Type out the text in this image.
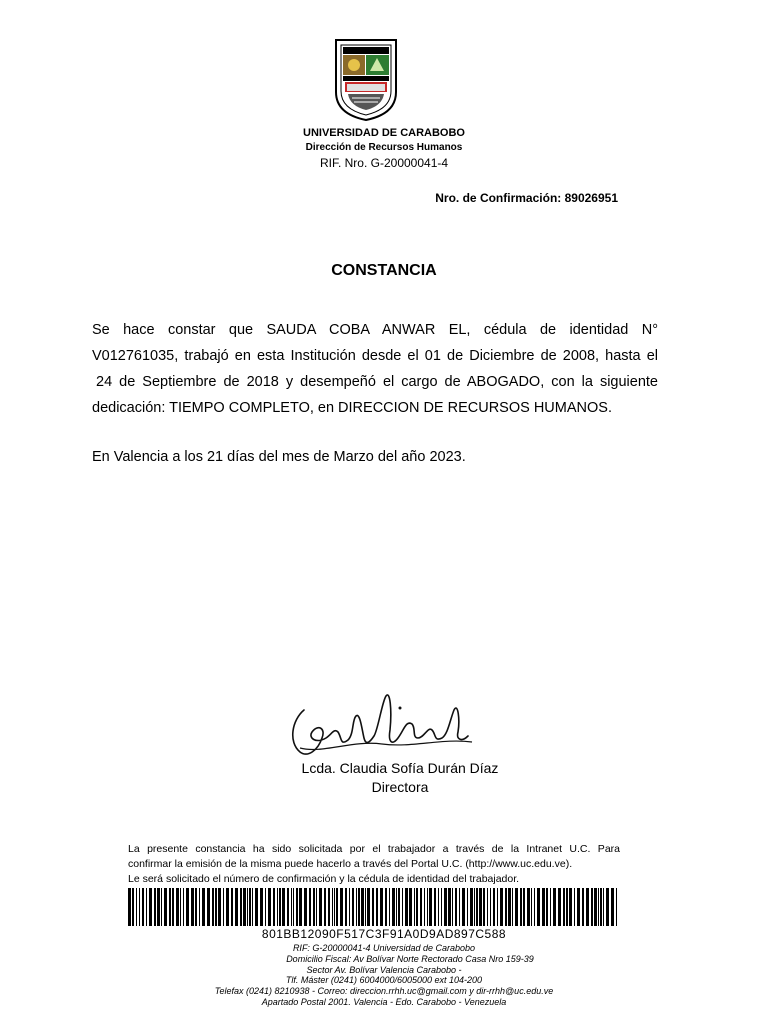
UNIVERSIDAD DE CARABOBO
Dirección de Recursos Humanos
RIF. Nro. G-20000041-4
Nro. de Confirmación: 89026951
CONSTANCIA

Se hace constar que SAUDA COBA ANWAR EL, cédula de identidad N°

V012761035, trabajó en esta Institución desde el 01 de Diciembre de 2008, hasta el

24 de Septiembre de 2018 y desempeñó el cargo de ABOGADO, con la siguiente

dedicación: TIEMPO COMPLETO, en DIRECCION DE RECURSOS HUMANOS.

En Valencia a los 21 días del mes de Marzo del año 2023.
Lcda. Claudia Sofía Durán Díaz
Directora
La presente constancia ha sido solicitada por el trabajador a través de la Intranet U.C. Para
confirmar la emisión de la misma puede hacerlo a través del Portal U.C. (http://www.uc.edu.ve).
Le será solicitado el número de confirmación y la cédula de identidad del trabajador.
801BB12090F517C3F91A0D9AD897C588
RIF: G-20000041-4 Universidad de Carabobo
Domicilio Fiscal: Av Bolívar Norte Rectorado Casa Nro 159-39
Sector Av. Bolívar Valencia Carabobo -
Tlf. Máster (0241) 6004000/6005000 ext 104-200
Telefax (0241) 8210938 - Correo: direccion.rrhh.uc@gmail.com y dir-rrhh@uc.edu.ve
Apartado Postal 2001. Valencia - Edo. Carabobo - Venezuela
